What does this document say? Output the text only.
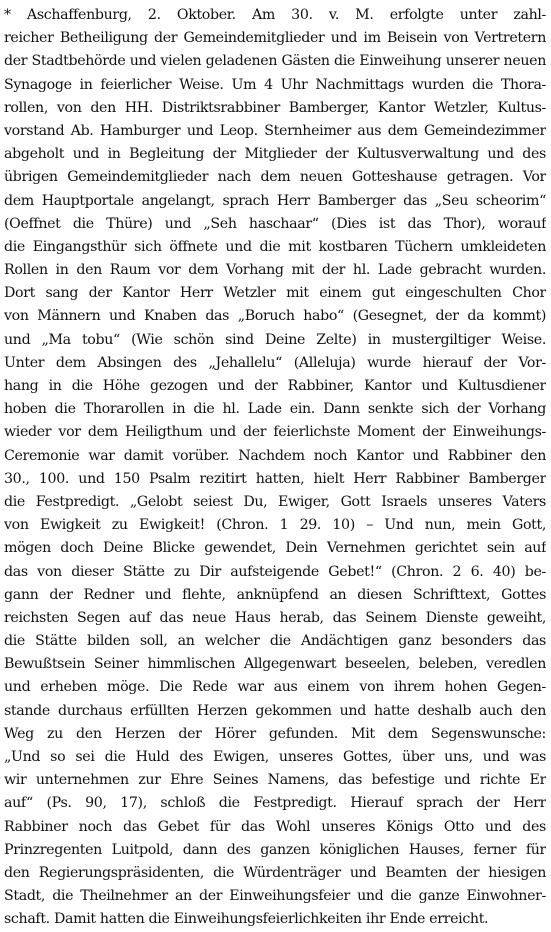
* Aschaffenburg, 2. Oktober. Am 30. v. M. erfolgte unter zahl-
reicher Betheiligung der Gemeindemitglieder und im Beisein von Vertretern
der Stadtbehörde und vielen geladenen Gästen die Einweihung unserer neuen
Synagoge in feierlicher Weise. Um 4 Uhr Nachmittags wurden die Thora-
rollen, von den HH. Distriktsrabbiner Bamberger, Kantor Wetzler, Kultus-
vorstand Ab. Hamburger und Leop. Sternheimer aus dem Gemeindezimmer
abgeholt und in Begleitung der Mitglieder der Kultusverwaltung und des
übrigen Gemeindemitglieder nach dem neuen Gotteshause getragen. Vor
dem Hauptportale angelangt, sprach Herr Bamberger das „Seu scheorim“
(Oeffnet die Thüre) und „Seh haschaar“ (Dies ist das Thor), worauf
die Eingangsthür sich öffnete und die mit kostbaren Tüchern umkleideten
Rollen in den Raum vor dem Vorhang mit der hl. Lade gebracht wurden.
Dort sang der Kantor Herr Wetzler mit einem gut eingeschulten Chor
von Männern und Knaben das „Boruch habo“ (Gesegnet, der da kommt)
und „Ma tobu“ (Wie schön sind Deine Zelte) in mustergiltiger Weise.
Unter dem Absingen des „Jehallelu“ (Alleluja) wurde hierauf der Vor-
hang in die Höhe gezogen und der Rabbiner, Kantor und Kultusdiener
hoben die Thorarollen in die hl. Lade ein. Dann senkte sich der Vorhang
wieder vor dem Heiligthum und der feierlichste Moment der Einweihungs-
Ceremonie war damit vorüber. Nachdem noch Kantor und Rabbiner den
30., 100. und 150 Psalm rezitirt hatten, hielt Herr Rabbiner Bamberger
die Festpredigt. „Gelobt seiest Du, Ewiger, Gott Israels unseres Vaters
von Ewigkeit zu Ewigkeit! (Chron. 1 29. 10) – Und nun, mein Gott,
mögen doch Deine Blicke gewendet, Dein Vernehmen gerichtet sein auf
das von dieser Stätte zu Dir aufsteigende Gebet!“ (Chron. 2 6. 40) be-
gann der Redner und flehte, anknüpfend an diesen Schrifttext, Gottes
reichsten Segen auf das neue Haus herab, das Seinem Dienste geweiht,
die Stätte bilden soll, an welcher die Andächtigen ganz besonders das
Bewußtsein Seiner himmlischen Allgegenwart beseelen, beleben, veredlen
und erheben möge. Die Rede war aus einem von ihrem hohen Gegen-
stande durchaus erfüllten Herzen gekommen und hatte deshalb auch den
Weg zu den Herzen der Hörer gefunden. Mit dem Segenswunsche:
„Und so sei die Huld des Ewigen, unseres Gottes, über uns, und was
wir unternehmen zur Ehre Seines Namens, das befestige und richte Er
auf“ (Ps. 90, 17), schloß die Festpredigt. Hierauf sprach der Herr
Rabbiner noch das Gebet für das Wohl unseres Königs Otto und des
Prinzregenten Luitpold, dann des ganzen königlichen Hauses, ferner für
den Regierungspräsidenten, die Würdenträger und Beamten der hiesigen
Stadt, die Theilnehmer an der Einweihungsfeier und die ganze Einwohner-
schaft. Damit hatten die Einweihungsfeierlichkeiten ihr Ende erreicht.
